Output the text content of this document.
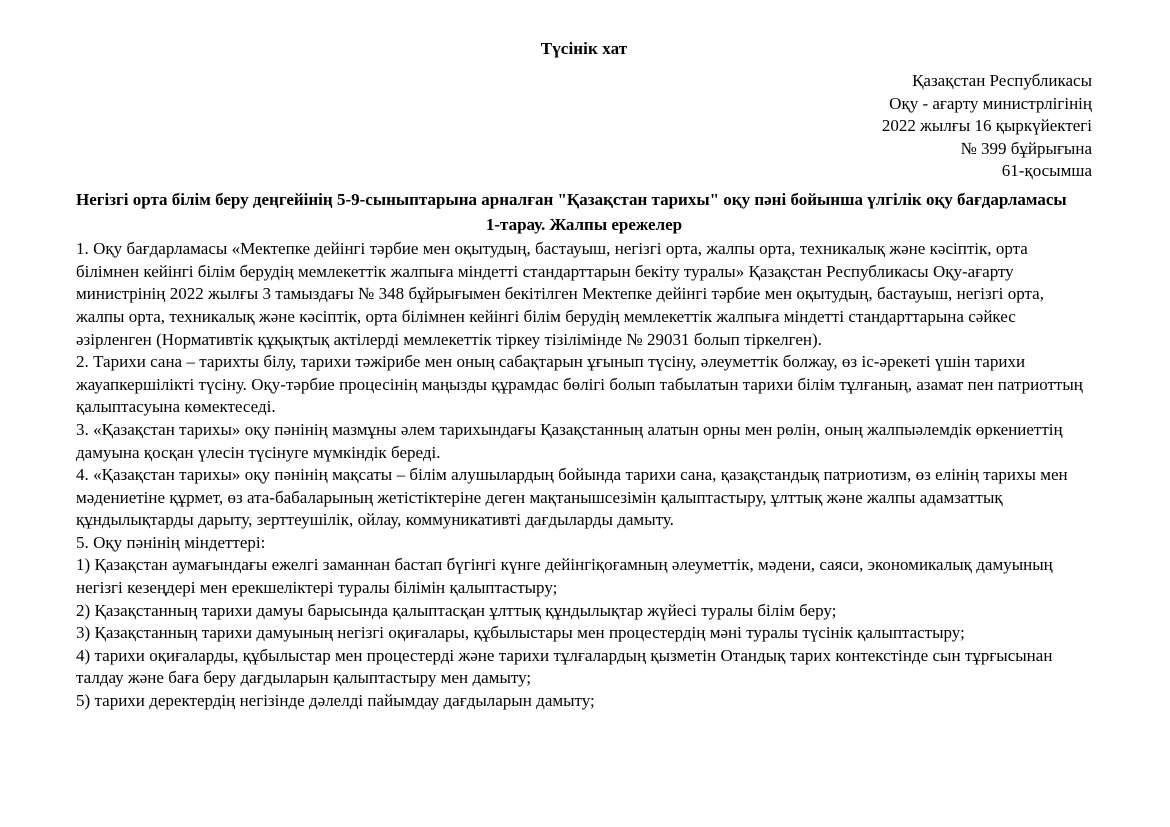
Түсінік хат
Қазақстан Республикасы
Оқу - ағарту министрлігінің
2022 жылғы 16 қыркүйектегі
№ 399 бұйрығына
61-қосымша

Негізгі орта білім беру деңгейінің 5-9-сыныптарына арналған "Қазақстан тарихы" оқу пәні бойынша үлгілік оқу бағдарламасы

1-тарау. Жалпы ережелер

1. Оқу бағдарламасы «Мектепке дейінгі тәрбие мен оқытудың, бастауыш, негізгі орта, жалпы орта, техникалық және кәсіптік, орта білімнен кейінгі білім берудің мемлекеттік жалпыға міндетті стандарттарын бекіту туралы» Қазақстан Республикасы Оқу-ағарту министрінің 2022 жылғы 3 тамыздағы № 348 бұйрығымен бекітілген Мектепке дейінгі тәрбие мен оқытудың, бастауыш, негізгі орта, жалпы орта, техникалық және кәсіптік, орта білімнен кейінгі білім берудің мемлекеттік жалпыға міндетті стандарттарына сәйкес әзірленген (Нормативтік құқықтық актілерді мемлекеттік тіркеу тізілімінде № 29031 болып тіркелген).

2. Тарихи сана – тарихты білу, тарихи тәжірибе мен оның сабақтарын ұғынып түсіну, әлеуметтік болжау, өз іс-әрекеті үшін тарихи жауапкершілікті түсіну. Оқу-тәрбие процесінің маңызды құрамдас бөлігі болып табылатын тарихи білім тұлғаның, азамат пен патриоттың қалыптасуына көмектеседі.

3. «Қазақстан тарихы» оқу пәнінің мазмұны әлем тарихындағы Қазақстанның алатын орны мен рөлін, оның жалпыәлемдік өркениеттің дамуына қосқан үлесін түсінуге мүмкіндік береді.

4. «Қазақстан тарихы» оқу пәнінің мақсаты – білім алушылардың бойында тарихи сана, қазақстандық патриотизм, өз елінің тарихы мен мәдениетіне құрмет, өз ата-бабаларының жетістіктеріне деген мақтанышсезімін қалыптастыру, ұлттық және жалпы адамзаттық құндылықтарды дарыту, зерттеушілік, ойлау, коммуникативті дағдыларды дамыту.

5. Оқу пәнінің міндеттері:

1) Қазақстан аумағындағы ежелгі заманнан бастап бүгінгі күнге дейінгіқоғамның әлеуметтік, мәдени, саяси, экономикалық дамуының негізгі кезеңдері мен ерекшеліктері туралы білімін қалыптастыру;

2) Қазақстанның тарихи дамуы барысында қалыптасқан ұлттық құндылықтар жүйесі туралы білім беру;

3) Қазақстанның тарихи дамуының негізгі оқиғалары, құбылыстары мен процестердің мәні туралы түсінік қалыптастыру;

4) тарихи оқиғаларды, құбылыстар мен процестерді және тарихи тұлғалардың қызметін Отандық тарих контекстінде сын тұрғысынан талдау және баға беру дағдыларын қалыптастыру мен дамыту;

5) тарихи деректердің негізінде дәлелді пайымдау дағдыларын дамыту;
